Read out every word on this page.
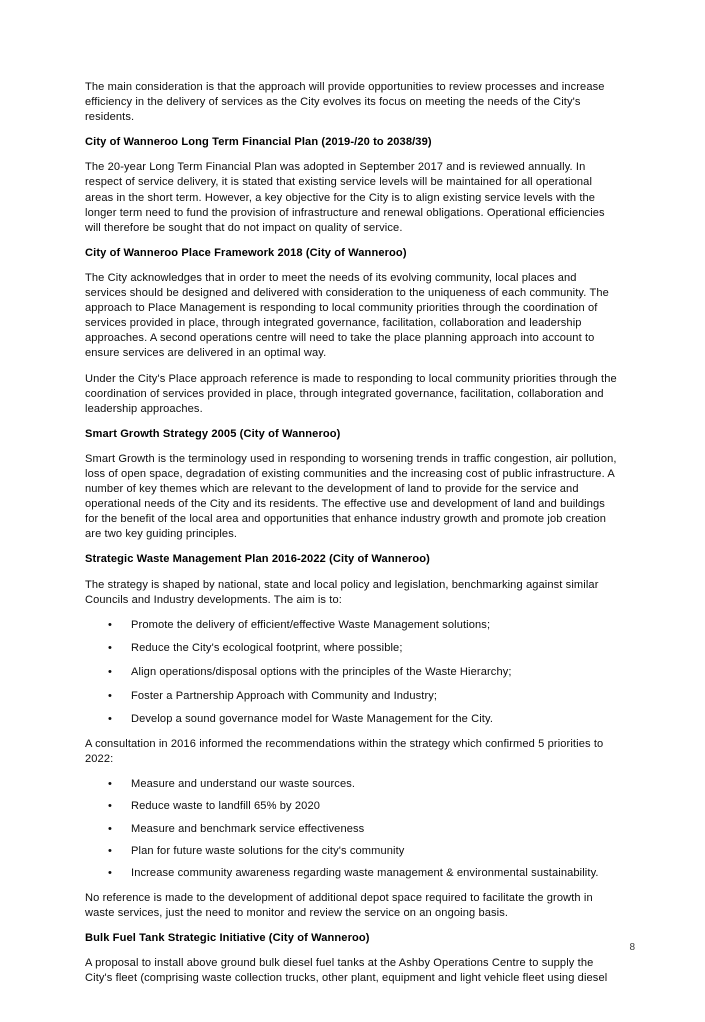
The main consideration is that the approach will provide opportunities to review processes and increase efficiency in the delivery of services as the City evolves its focus on meeting the needs of the City's residents.

City of Wanneroo Long Term Financial Plan (2019-/20 to 2038/39)

The 20-year Long Term Financial Plan was adopted in September 2017 and is reviewed annually. In respect of service delivery, it is stated that existing service levels will be maintained for all operational areas in the short term. However, a key objective for the City is to align existing service levels with the longer term need to fund the provision of infrastructure and renewal obligations. Operational efficiencies will therefore be sought that do not impact on quality of service.

City of Wanneroo Place Framework 2018 (City of Wanneroo)

The City acknowledges that in order to meet the needs of its evolving community, local places and services should be designed and delivered with consideration to the uniqueness of each community. The approach to Place Management is responding to local community priorities through the coordination of services provided in place, through integrated governance, facilitation, collaboration and leadership approaches. A second operations centre will need to take the place planning approach into account to ensure services are delivered in an optimal way.

Under the City's Place approach reference is made to responding to local community priorities through the coordination of services provided in place, through integrated governance, facilitation, collaboration and leadership approaches.

Smart Growth Strategy 2005 (City of Wanneroo)

Smart Growth is the terminology used in responding to worsening trends in traffic congestion, air pollution, loss of open space, degradation of existing communities and the increasing cost of public infrastructure. A number of key themes which are relevant to the development of land to provide for the service and operational needs of the City and its residents. The effective use and development of land and buildings for the benefit of the local area and opportunities that enhance industry growth and promote job creation are two key guiding principles.

Strategic Waste Management Plan 2016-2022 (City of Wanneroo)

The strategy is shaped by national, state and local policy and legislation, benchmarking against similar Councils and Industry developments. The aim is to:

• Promote the delivery of efficient/effective Waste Management solutions;
• Reduce the City's ecological footprint, where possible;
• Align operations/disposal options with the principles of the Waste Hierarchy;
• Foster a Partnership Approach with Community and Industry;
• Develop a sound governance model for Waste Management for the City.

A consultation in 2016 informed the recommendations within the strategy which confirmed 5 priorities to 2022:

• Measure and understand our waste sources.
• Reduce waste to landfill 65% by 2020
• Measure and benchmark service effectiveness
• Plan for future waste solutions for the city's community
• Increase community awareness regarding waste management & environmental sustainability.

No reference is made to the development of additional depot space required to facilitate the growth in waste services, just the need to monitor and review the service on an ongoing basis.

Bulk Fuel Tank Strategic Initiative (City of Wanneroo)

A proposal to install above ground bulk diesel fuel tanks at the Ashby Operations Centre to supply the City's fleet (comprising waste collection trucks, other plant, equipment and light vehicle fleet using diesel

8
